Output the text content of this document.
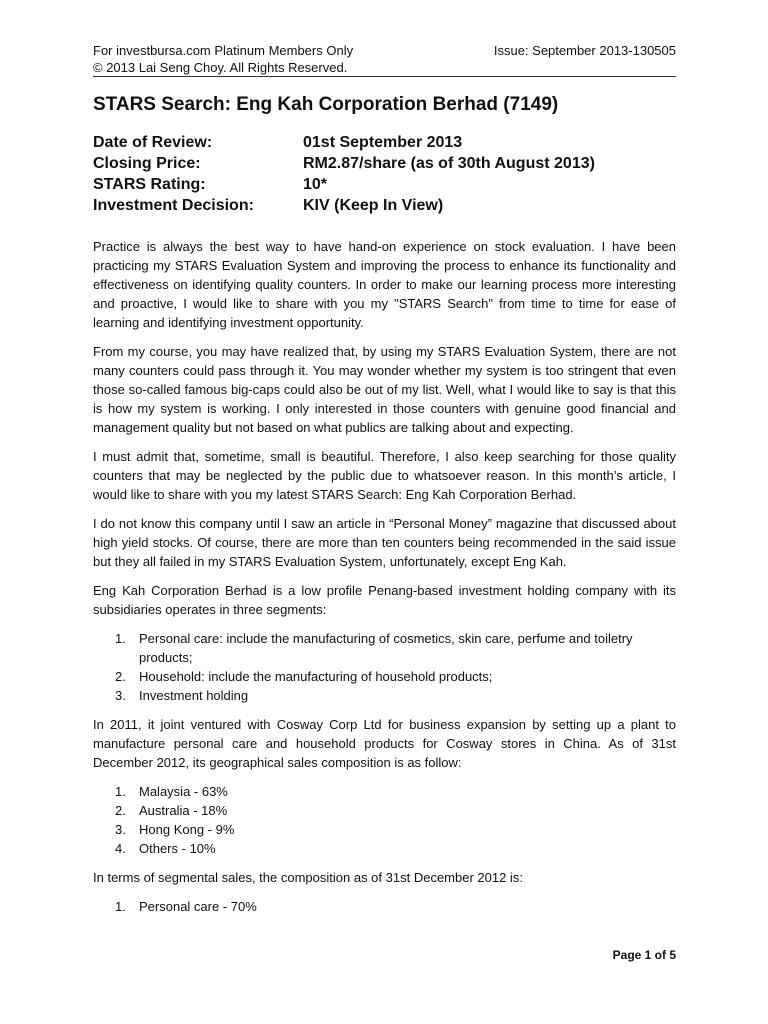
For investbursa.com Platinum Members Only	Issue: September 2013-130505
© 2013 Lai Seng Choy. All Rights Reserved.
STARS Search: Eng Kah Corporation Berhad (7149)
Date of Review:	01st September 2013
Closing Price:	RM2.87/share (as of 30th August 2013)
STARS Rating:	10*
Investment Decision:	KIV (Keep In View)

Practice is always the best way to have hand-on experience on stock evaluation. I have been practicing my STARS Evaluation System and improving the process to enhance its functionality and effectiveness on identifying quality counters. In order to make our learning process more interesting and proactive, I would like to share with you my "STARS Search" from time to time for ease of learning and identifying investment opportunity.

From my course, you may have realized that, by using my STARS Evaluation System, there are not many counters could pass through it. You may wonder whether my system is too stringent that even those so-called famous big-caps could also be out of my list. Well, what I would like to say is that this is how my system is working. I only interested in those counters with genuine good financial and management quality but not based on what publics are talking about and expecting.

I must admit that, sometime, small is beautiful. Therefore, I also keep searching for those quality counters that may be neglected by the public due to whatsoever reason. In this month’s article, I would like to share with you my latest STARS Search: Eng Kah Corporation Berhad.

I do not know this company until I saw an article in “Personal Money” magazine that discussed about high yield stocks. Of course, there are more than ten counters being recommended in the said issue but they all failed in my STARS Evaluation System, unfortunately, except Eng Kah.

Eng Kah Corporation Berhad is a low profile Penang-based investment holding company with its subsidiaries operates in three segments:

1.	Personal care: include the manufacturing of cosmetics, skin care, perfume and toiletry products;
2.	Household: include the manufacturing of household products;
3.	Investment holding

In 2011, it joint ventured with Cosway Corp Ltd for business expansion by setting up a plant to manufacture personal care and household products for Cosway stores in China. As of 31st December 2012, its geographical sales composition is as follow:

1.	Malaysia - 63%
2.	Australia - 18%
3.	Hong Kong - 9%
4.	Others - 10%

In terms of segmental sales, the composition as of 31st December 2012 is:

1.	Personal care - 70%
Page 1 of 5
